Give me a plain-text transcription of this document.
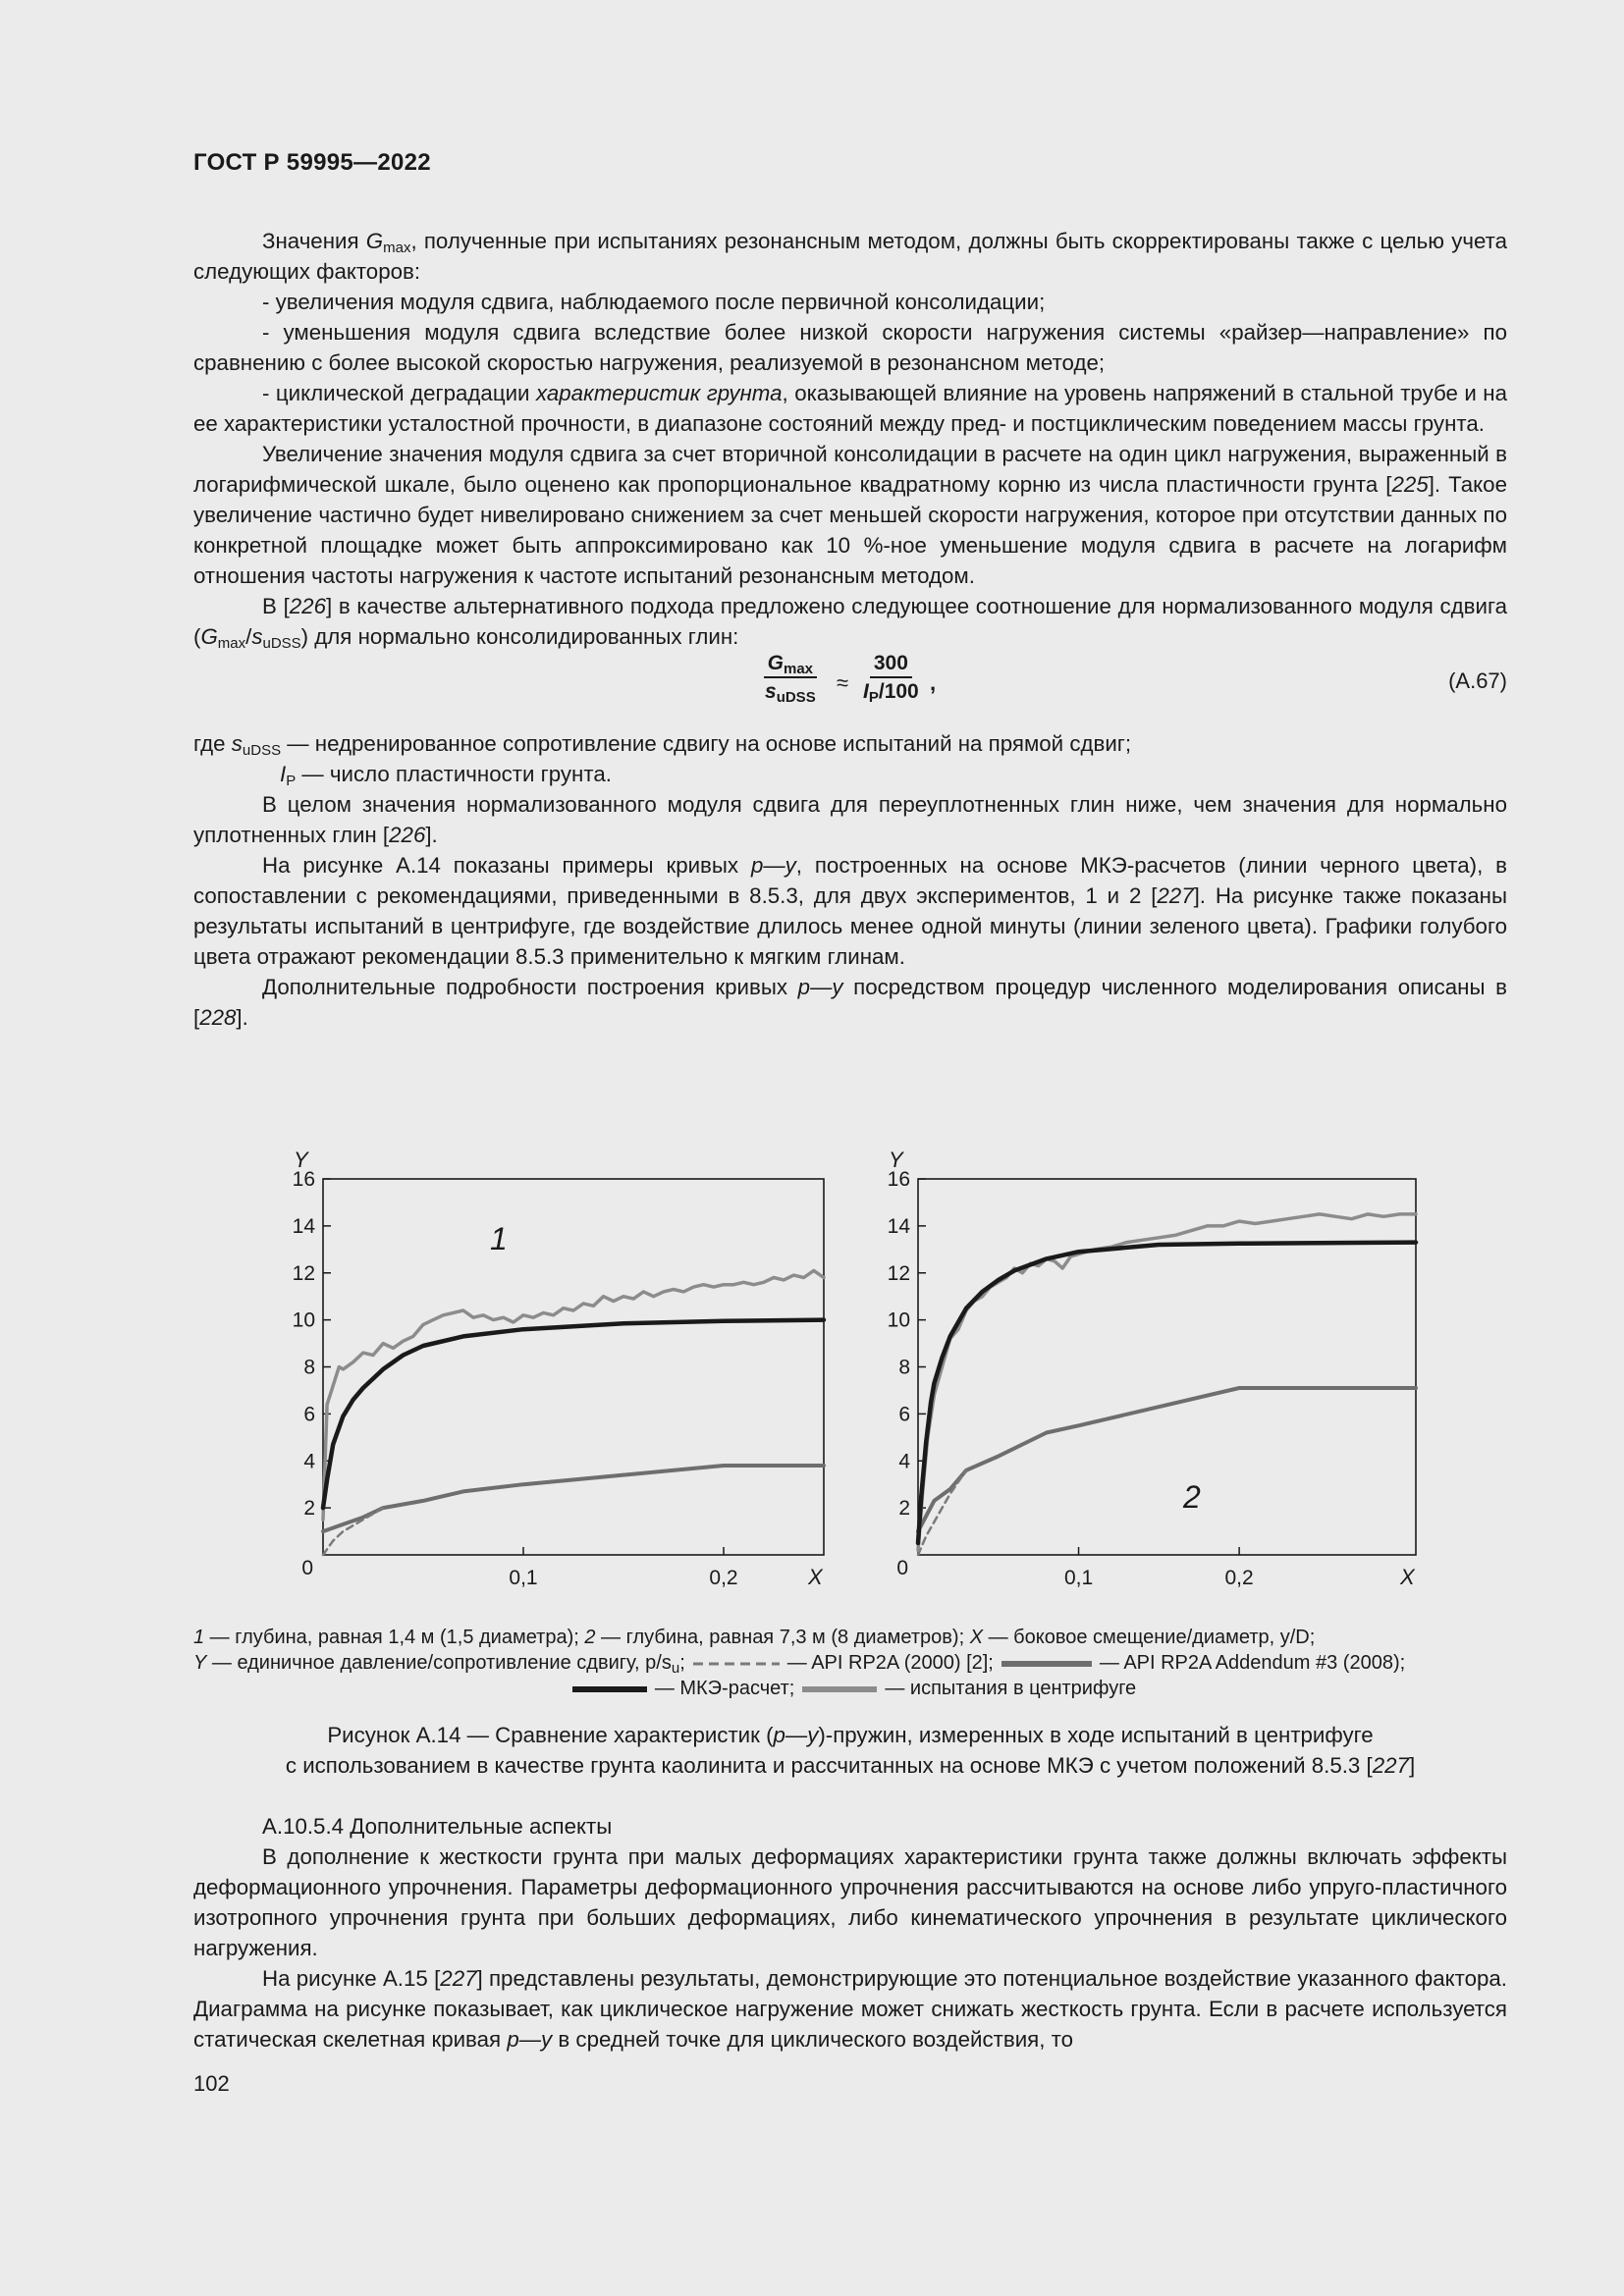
ГОСТ Р 59995—2022

Значения $G_{max}$, полученные при испытаниях резонансным методом, должны быть скорректированы также с целью учета следующих факторов:

- увеличения модуля сдвига, наблюдаемого после первичной консолидации;

- уменьшения модуля сдвига вследствие более низкой скорости нагружения системы «райзер—направление» по сравнению с более высокой скоростью нагружения, реализуемой в резонансном методе;

- циклической деградации характеристик грунта, оказывающей влияние на уровень напряжений в стальной трубе и на ее характеристики усталостной прочности, в диапазоне состояний между пред- и постциклическим поведением массы грунта.

Увеличение значения модуля сдвига за счет вторичной консолидации в расчете на один цикл нагружения, выраженный в логарифмической шкале, было оценено как пропорциональное квадратному корню из числа пластичности грунта [225]. Такое увеличение частично будет нивелировано снижением за счет меньшей скорости нагружения, которое при отсутствии данных по конкретной площадке может быть аппроксимировано как 10 %-ное уменьшение модуля сдвига в расчете на логарифм отношения частоты нагружения к частоте испытаний резонансным методом.

В [226] в качестве альтернативного подхода предложено следующее соотношение для нормализованного модуля сдвига $(G_{max}/s_{uDSS})$ для нормально консолидированных глин:

$G_{max}$
$s_{uDSS}$
≈ $\frac{300}{I_P/100}$ ,	(А.67)

где $s_{uDSS}$ — недренированное сопротивление сдвигу на основе испытаний на прямой сдвиг;

$I_P$ — число пластичности грунта.

В целом значения нормализованного модуля сдвига для переуплотненных глин ниже, чем значения для нормально уплотненных глин [226].

На рисунке А.14 показаны примеры кривых p—y, построенных на основе МКЭ-расчетов (линии черного цвета), в сопоставлении с рекомендациями, приведенными в 8.5.3, для двух экспериментов, 1 и 2 [227]. На рисунке также показаны результаты испытаний в центрифуге, где воздействие длилось менее одной минуты (линии зеленого цвета). Графики голубого цвета отражают рекомендации 8.5.3 применительно к мягким глинам.

Дополнительные подробности построения кривых p—y посредством процедур численного моделирования описаны в [228].

2
4
6
8
10
12
14
16
0,1	0,2
0
Y
X
1
2
4
6
8
10
12
14
16
0,1	0,2
0
Y
X
2
1 — глубина, равная 1,4 м (1,5 диаметра); 2 — глубина, равная 7,3 м (8 диаметров); X — боковое смещение/диаметр, y/D;
Y — единичное давление/сопротивление сдвигу, $p/s_u$;	— API RP2A (2000) [2];	— API RP2A Addendum #3 (2008);
— МКЭ-расчет;	— испытания в центрифуге
Рисунок А.14 — Сравнение характеристик (p—y)-пружин, измеренных в ходе испытаний в центрифуге
с использованием в качестве грунта каолинита и рассчитанных на основе МКЭ с учетом положений 8.5.3 [227]

А.10.5.4 Дополнительные аспекты

В дополнение к жесткости грунта при малых деформациях характеристики грунта также должны включать эффекты деформационного упрочнения. Параметры деформационного упрочнения рассчитываются на основе либо упруго-пластичного изотропного упрочнения грунта при больших деформациях, либо кинематического упрочнения в результате циклического нагружения.

На рисунке А.15 [227] представлены результаты, демонстрирующие это потенциальное воздействие указанного фактора. Диаграмма на рисунке показывает, как циклическое нагружение может снижать жесткость грунта. Если в расчете используется статическая скелетная кривая p—y в средней точке для циклического воздействия, то

102
